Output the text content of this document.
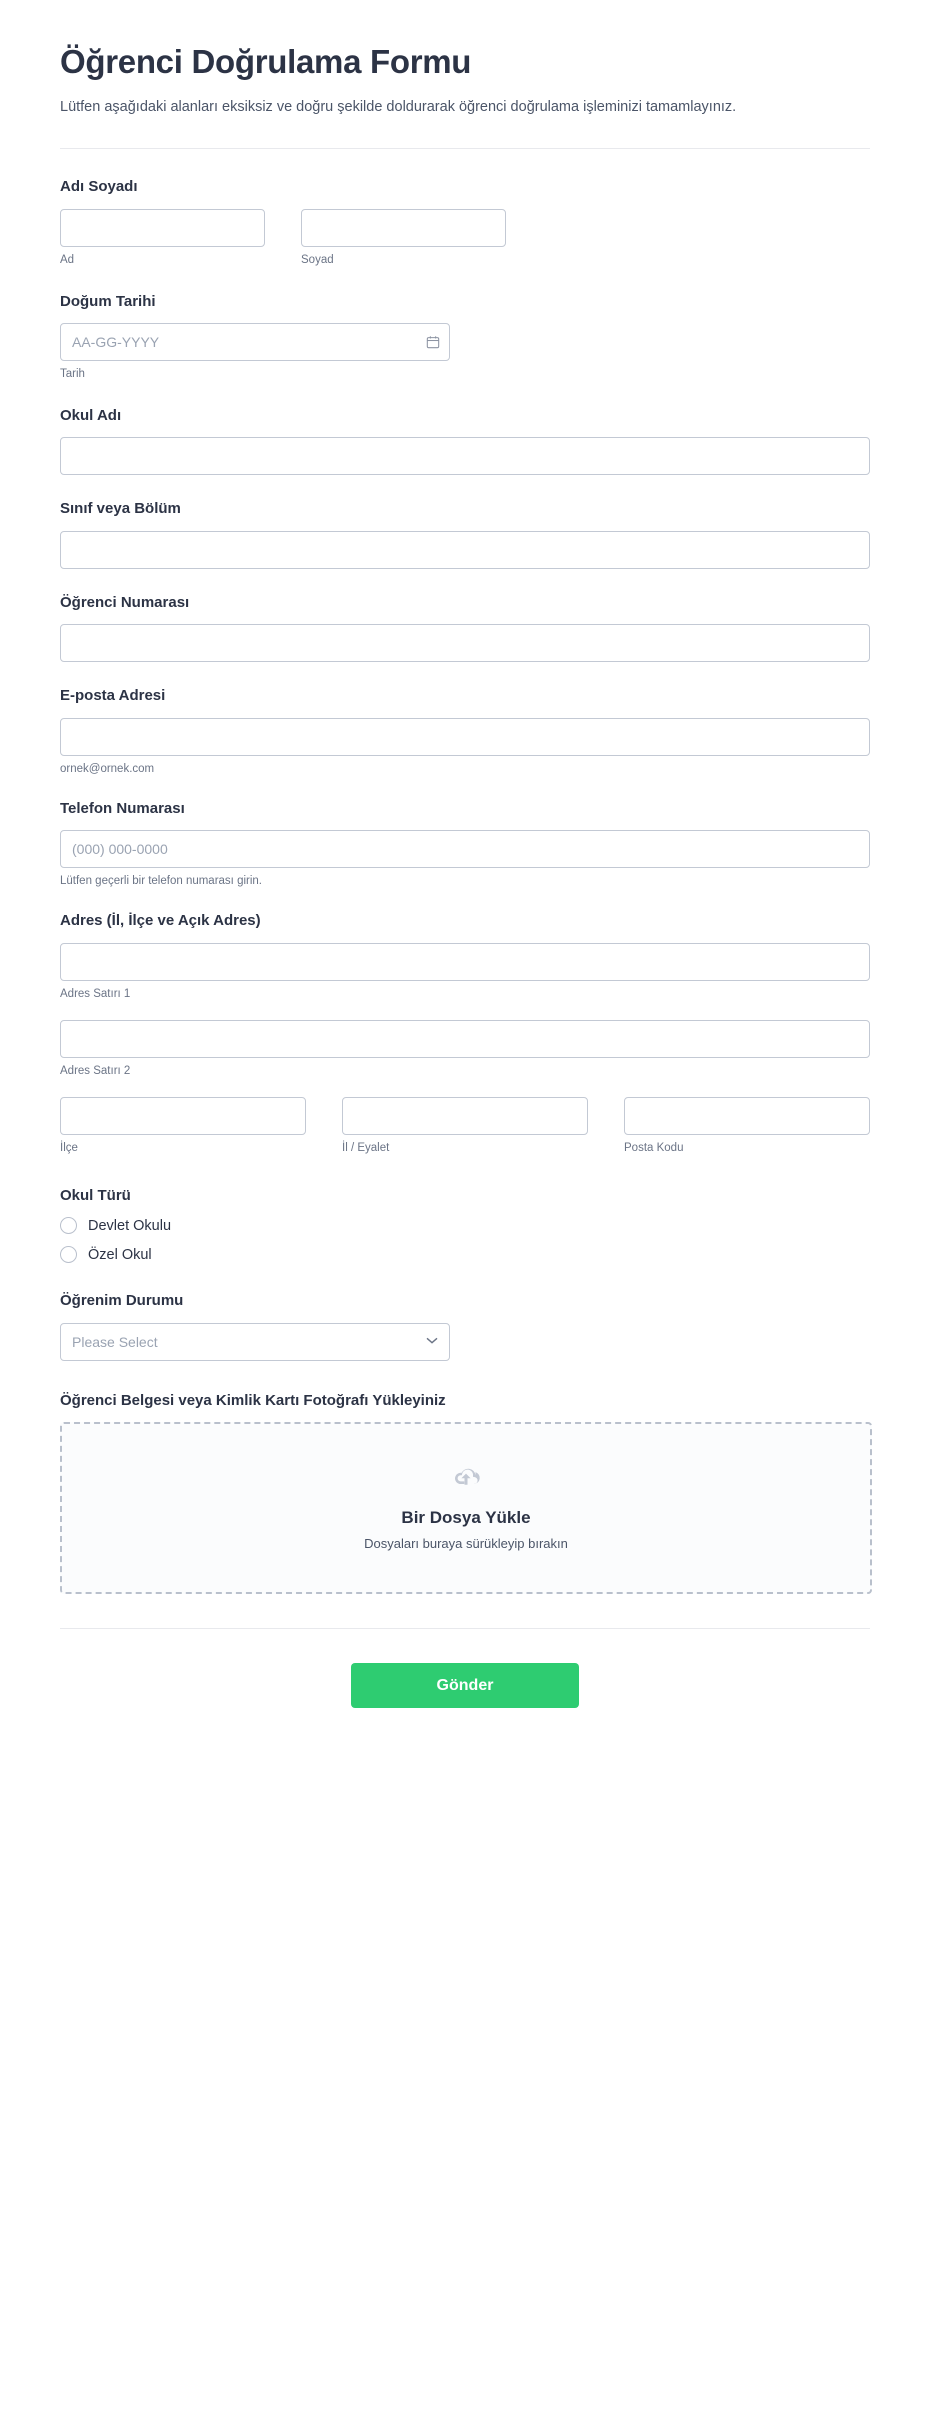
Öğrenci Doğrulama Formu

Lütfen aşağıdaki alanları eksiksiz ve doğru şekilde doldurarak öğrenci doğrulama işleminizi tamamlayınız.

Adı Soyadı
Ad	Soyad
Doğum Tarihi
AA-GG-YYYY
Tarih
Okul Adı
Sınıf veya Bölüm
Öğrenci Numarası
E-posta Adresi
ornek@ornek.com
Telefon Numarası
(000) 000-0000
Lütfen geçerli bir telefon numarası girin.
Adres (İl, İlçe ve Açık Adres)
Adres Satırı 1
Adres Satırı 2
İlçe	İl / Eyalet	Posta Kodu
Okul Türü
Devlet Okulu
Özel Okul
Öğrenim Durumu
Please Select
Öğrenci Belgesi veya Kimlik Kartı Fotoğrafı Yükleyiniz
Bir Dosya Yükle
Dosyaları buraya sürükleyip bırakın
Gönder
